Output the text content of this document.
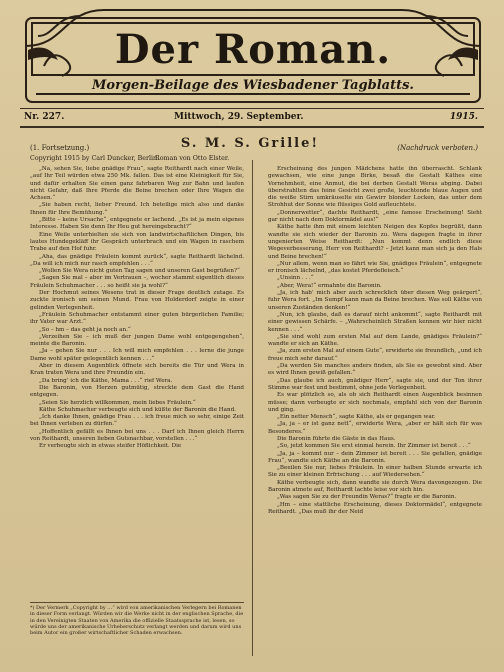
Der Roman.
Morgen-Beilage des Wiesbadener Tagblatts.
Nr. 227.	Mittwoch, 29. September.	1915.
(1. Fortsetzung.)	S. M. S. Grille!	(Nachdruck verboten.)
Copyright 1915 by Carl Duncker, Berlin.
Roman von Otto Elster.

„Na, sehen Sie, liebe gnädige Frau“, sagte Reithardt nach einer Weile, „auf Ihr Teil würden etwa 250 Mk. fallen. Das ist eine Kleinigkeit für Sie, und dafür erhalten Sie einen ganz fahrbaren Weg zur Bahn und laufen nicht Gefahr, daß Ihre Pferde die Beine brechen oder Ihre Wagen die Achsen.“

„Sie haben recht, lieber Freund. Ich beteilige mich also und danke Ihnen für Ihre Bemühung.“

„Bitte – keine Ursache“, entgegnete er lachend. „Es ist ja mein eigenes Interesse. Haben Sie denn Ihr Heu gut hereingebracht?“

Eine Weile unterhielten sie sich von landwirtschaftlichen Dingen, bis lautes Hundegekläff ihr Gespräch unterbrach und ein Wagen in raschem Trabe auf den Hof fuhr.

„Aha, das gnädige Fräulein kommt zurück“, sagte Reithardt lächelnd. „Da will ich mich nur rasch empfehlen . . .“

„Wollen Sie Wera nicht guten Tag sagen und unseren Gast begrüßen?“

„Sagen Sie mal – aber im Vertrauen –, wocher stammt eigentlich dieses Fräulein Schuhmacher . . . so heißt sie ja wohl?“

Der Hochmut seines Wesens trat in dieser Frage deutlich zutage. Es zuckte ironisch um seinen Mund. Frau von Holderdorf zeigte in einer gelinden Verlegenheit.

„Fräulein Schuhmacher entstammt einer guten bürgerlichen Familie; ihr Vater war Arzt.“

„So – hm – das geht ja noch an.“

„Verzeihen Sie – ich muß der jungen Dame wohl entgegengehen“, meinte die Baronin.

„Ja – gehen Sie nur . . . Ich will mich empfehlen . . . lerne die junge Dame wohl später gelegentlich kennen . . .“

Aber in diesem Augenblick öffnete sich bereits die Tür und Wera in Kran traten Wera und ihre Freundin ein.

„Da bring’ ich die Käthe, Mama . . .“ rief Wera.

Die Baronin, von Herzen gutmütig, streckte dem Gast die Hand entgegen.

„Seien Sie herzlich willkommen, mein liebes Fräulein.“

Käthe Schuhmacher verbeugte sich und küßte der Baronin die Hand.

„Ich danke Ihnen, gnädige Frau . . . ich freue mich so sehr, einige Zeit bei Ihnen verleben zu dürfen.“

„Hoffentlich gefällt es Ihnen bei uns . . . Darf ich Ihnen gleich Herrn von Reithardt, unseren lieben Gutsnachbar, vorstellen . . .“

Er verbeugte sich in etwas steifer Höflichkeit. Die

Erscheinung des jungen Mädchens hatte ihn überrascht. Schlank gewachsen, wie eine junge Birke, besaß die Gestalt Käthes eine Vornehmheit, eine Anmut, die bei derben Gestalt Weras abging. Dabei überstrahlten das feine Gesicht zwei große, leuchtende blaue Augen und die weiße Stirn umkräuselte ein Gewirr blonder Locken, das unter dem Strohhut der Sonne wie flüssiges Gold aufleuchtete.

„Donnerwetter“, dachte Reithardt, „eine famose Erscheinung! Sieht gar nicht nach dem Doktormädel aus!“

Käthe hatte ihm mit einem leichten Neigen des Kopfes begrüßt, dann wandte sie sich wieder der Baronin zu. Wera dagegen fragte in ihrer ungenierten Weise Reithardt: „Nun kommt denn endlich diese Wegeverbesserung, Herr von Reithardt? – Jetzt kann man sich ja den Hals und Beine brechen!“

„Nur allem, wenn man so fährt wie Sie, gnädiges Fräulein“, entgegnete er ironisch lächelnd, „das kostet Pferdefleisch.“

„Unsinn . . .“

„Aber, Wera!“ ermahnte die Baronin.

„Ja, ich hab’ mich aber auch schrecklich über diesen Weg geärgert“, fuhr Wera fort. „Im Sumpf kann man da Beine brechen. Was soll Käthe von unseren Zuständen denken!“

„Nun, ich glaube, daß es darauf nicht ankommt“, sagte Reithardt mit einer gewissen Schärfe. – „Wahrscheinlich Straßen kennen wir hier nicht kennen . . .“

„Sie sind wohl zum ersten Mal auf dem Lande, gnädiges Fräulein?“ wandte er sich an Käthe.

„Ja, zum ersten Mal auf einem Gute“, erwiderte sie freundlich, „und ich freue mich sehr darauf.“

„Da werden Sie manches anders finden, als Sie es gewohnt sind. Aber es wird Ihnen gewiß gefallen.“

„Das glaube ich auch, gnädiger Herr“, sagte sie, und der Ton ihrer Stimme war fest und bestimmt, ohne jede Verlegenheit.

Es war plötzlich so, als ob sich Reithardt einen Augenblick besinnen müsse; dann verbeugte er sich nochmals, empfahl sich von der Baronin und ging.

„Ein netter Mensch“, sagte Käthe, als er gegangen war.

„Ja, ja – er ist ganz nett“, erwiderte Wera, „aber er hält sich für was Besonderes.“

Die Baronin führte die Gäste in das Haus.

„So, jetzt kommen Sie erst einmal herein. Ihr Zimmer ist bereit . . .“

„Ja, ja – kommt nur – dein Zimmer ist bereit . . . Sie gefallen, gnädige Frau“, wandte sich Käthe an die Baronin.

„Beeilen Sie nur, liebes Fräulein. In einer halben Stunde erwarte ich Sie zu einer kleinen Erfrischung . . . auf Wiedersehen.“

Käthe verbeugte sich, dann wandte sie durch Wera davongezogen. Die Baronin atmete auf, Reithardt lachte leise vor sich hin.

„Was sagen Sie zu der Freundin Weras?“ fragte er die Baronin.

„Hm – eine stattliche Erscheinung, dieses Doktormädel“, entgegnete Reithardt. „Das muß ihr der Neid

*) Der Vermerk „Copyright by …“ wird von amerikanischen Verlegern bei Romanen in dieser Form verlangt. Würden wir die Werke nicht in der englischen Sprache, die in den Vereinigten Staaten von Amerika die offizielle Staatssprache ist, lesen, so würde uns der amerikanische Urheberschutz verlangt werden und darum wird uns beim Autor ein großer wirtschaftlicher Schaden erwachsen.
